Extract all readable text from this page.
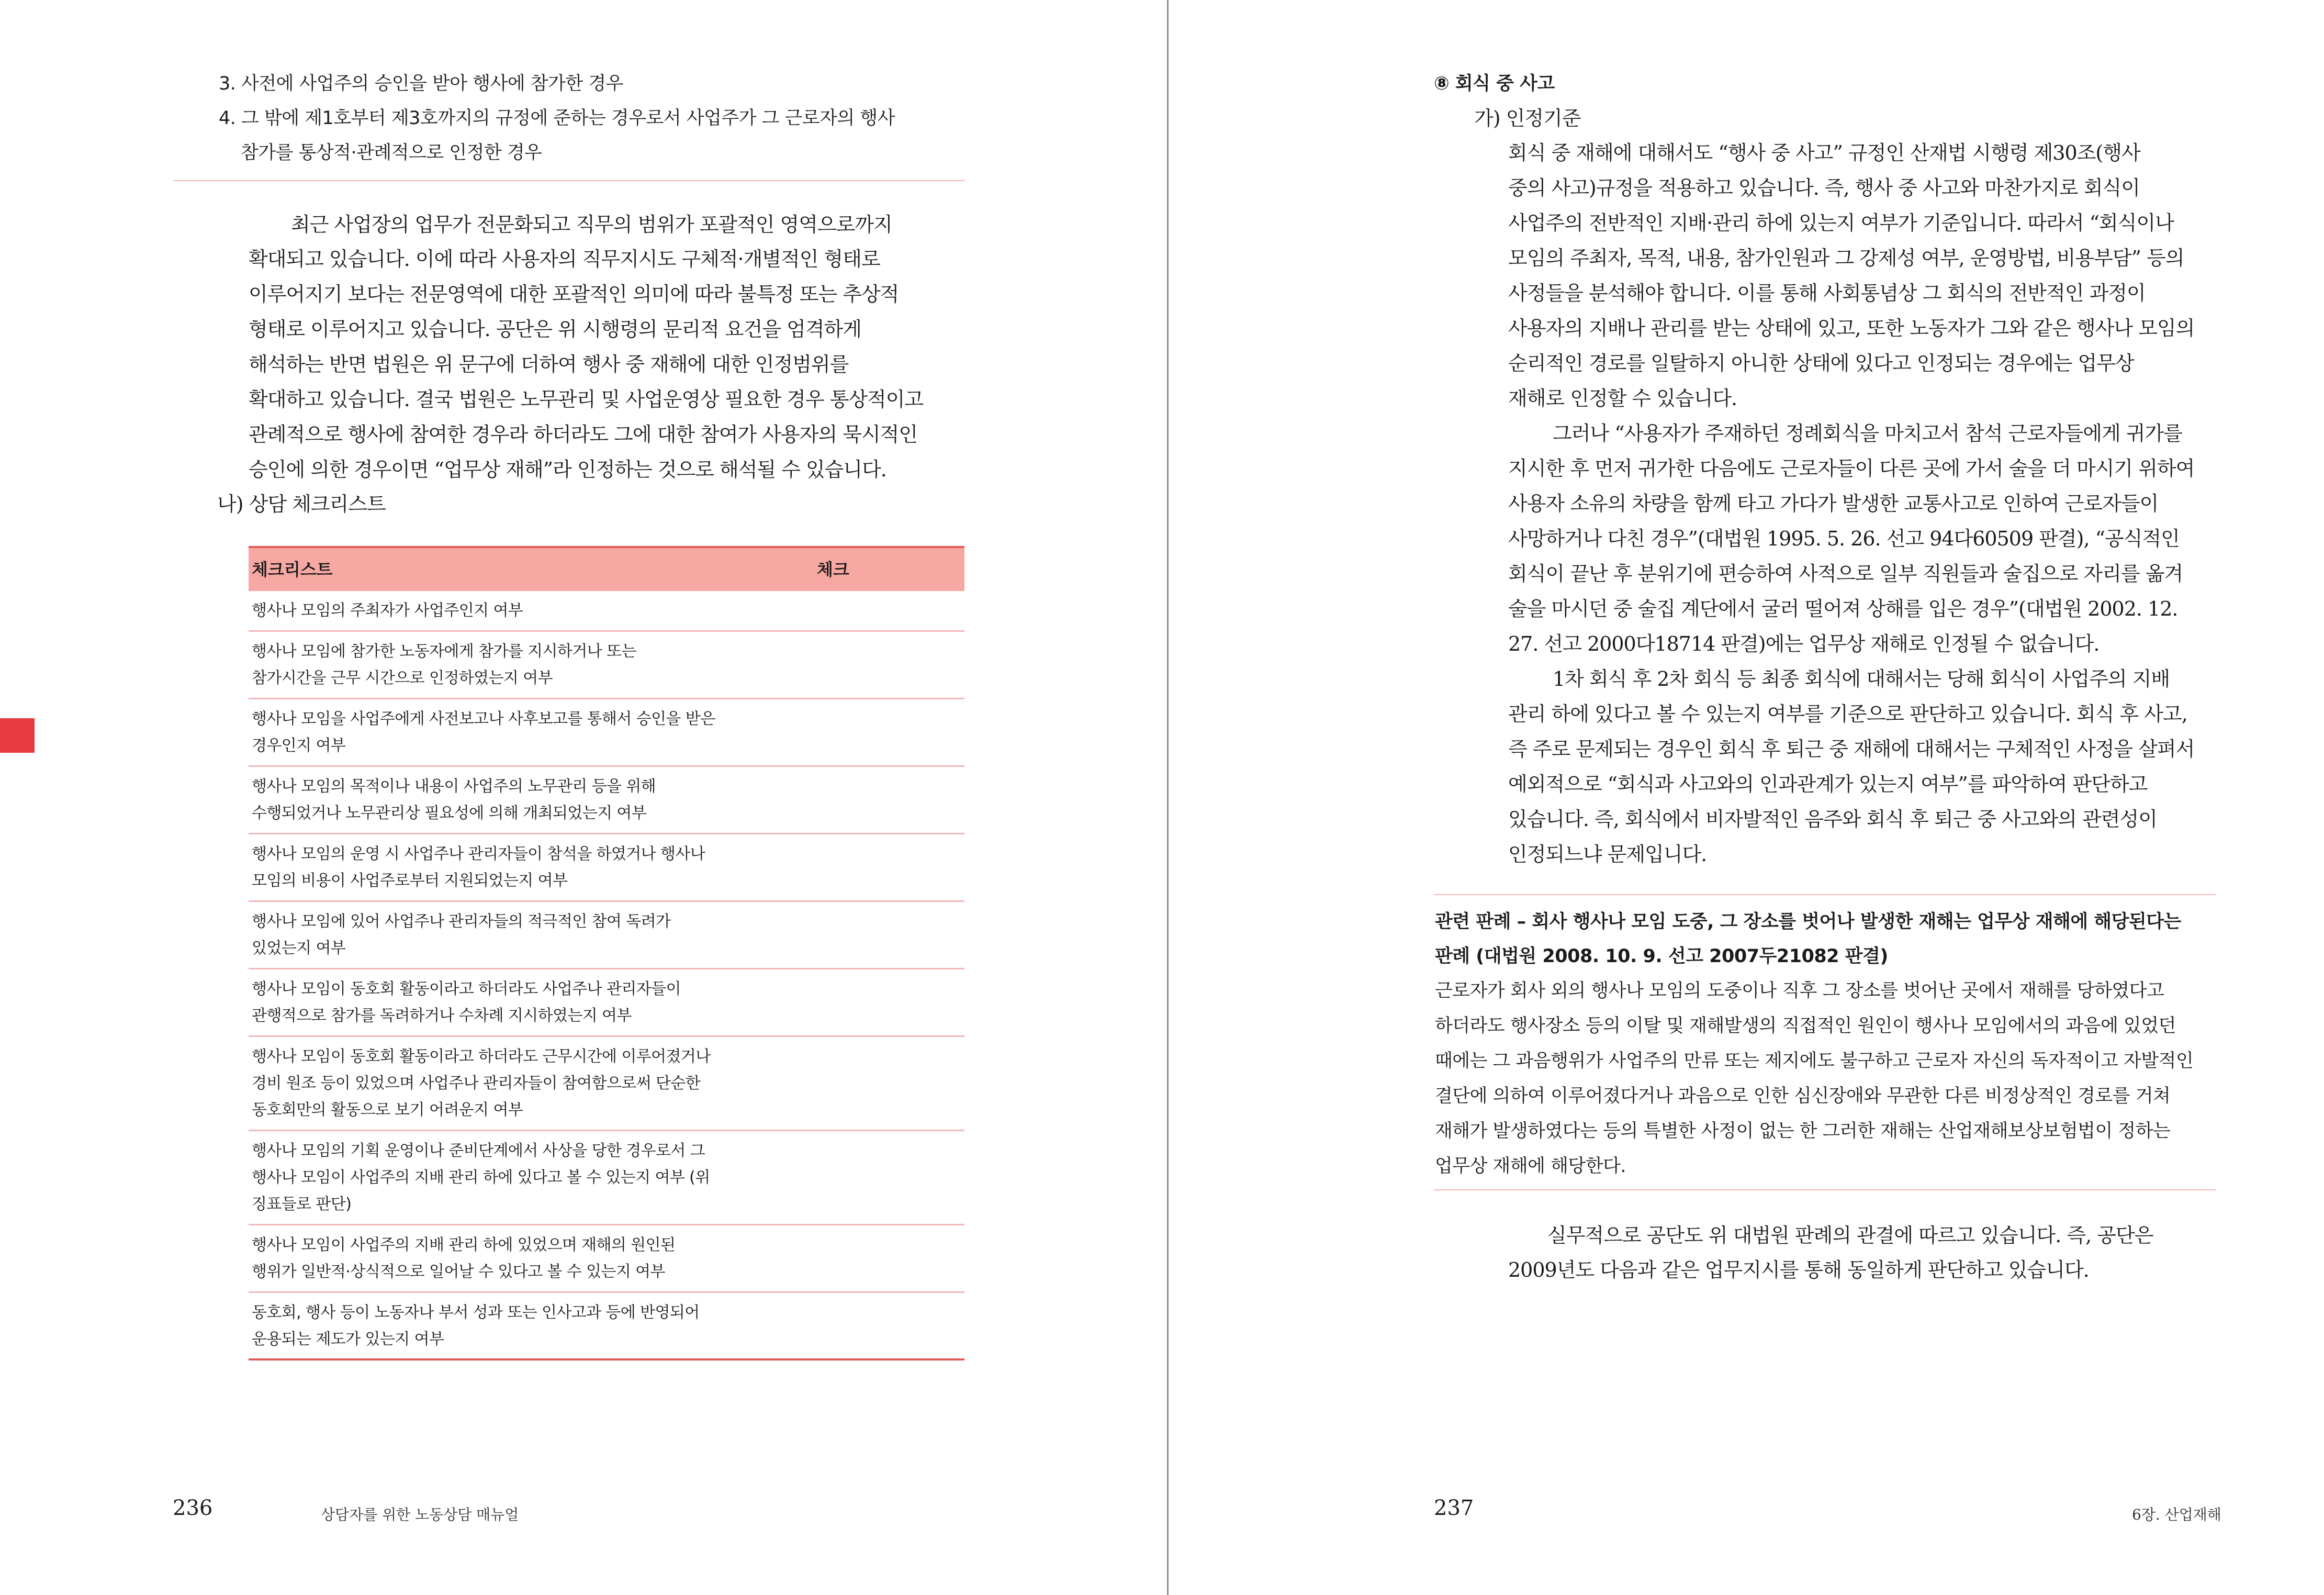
3. 사전에 사업주의 승인을 받아 행사에 참가한 경우
4. 그 밖에 제1호부터 제3호까지의 규정에 준하는 경우로서 사업주가 그 근로자의 행사
참가를 통상적·관례적으로 인정한 경우
최근 사업장의 업무가 전문화되고 직무의 범위가 포괄적인 영역으로까지
확대되고 있습니다. 이에 따라 사용자의 직무지시도 구체적·개별적인 형태로
이루어지기 보다는 전문영역에 대한 포괄적인 의미에 따라 불특정 또는 추상적
형태로 이루어지고 있습니다. 공단은 위 시행령의 문리적 요건을 엄격하게
해석하는 반면 법원은 위 문구에 더하여 행사 중 재해에 대한 인정범위를
확대하고 있습니다. 결국 법원은 노무관리 및 사업운영상 필요한 경우 통상적이고
관례적으로 행사에 참여한 경우라 하더라도 그에 대한 참여가 사용자의 묵시적인
승인에 의한 경우이면 “업무상 재해”라 인정하는 것으로 해석될 수 있습니다.
나) 상담 체크리스트
체크리스트	체크
행사나 모임의 주최자가 사업주인지 여부
행사나 모임에 참가한 노동자에게 참가를 지시하거나 또는
참가시간을 근무 시간으로 인정하였는지 여부
행사나 모임을 사업주에게 사전보고나 사후보고를 통해서 승인을 받은
경우인지 여부
행사나 모임의 목적이나 내용이 사업주의 노무관리 등을 위해
수행되었거나 노무관리상 필요성에 의해 개최되었는지 여부
행사나 모임의 운영 시 사업주나 관리자들이 참석을 하였거나 행사나
모임의 비용이 사업주로부터 지원되었는지 여부
행사나 모임에 있어 사업주나 관리자들의 적극적인 참여 독려가
있었는지 여부
행사나 모임이 동호회 활동이라고 하더라도 사업주나 관리자들이
관행적으로 참가를 독려하거나 수차례 지시하였는지 여부
행사나 모임이 동호회 활동이라고 하더라도 근무시간에 이루어졌거나
경비 원조 등이 있었으며 사업주나 관리자들이 참여함으로써 단순한
동호회만의 활동으로 보기 어려운지 여부
행사나 모임의 기획 운영이나 준비단계에서 사상을 당한 경우로서 그
행사나 모임이 사업주의 지배 관리 하에 있다고 볼 수 있는지 여부 (위
징표들로 판단)
행사나 모임이 사업주의 지배 관리 하에 있었으며 재해의 원인된
행위가 일반적·상식적으로 일어날 수 있다고 볼 수 있는지 여부
동호회, 행사 등이 노동자나 부서 성과 또는 인사고과 등에 반영되어
운용되는 제도가 있는지 여부
236	상담자를 위한 노동상담 매뉴얼
⑧ 회식 중 사고
가) 인정기준
회식 중 재해에 대해서도 “행사 중 사고” 규정인 산재법 시행령 제30조(행사
중의 사고)규정을 적용하고 있습니다. 즉, 행사 중 사고와 마찬가지로 회식이
사업주의 전반적인 지배·관리 하에 있는지 여부가 기준입니다. 따라서 “회식이나
모임의 주최자, 목적, 내용, 참가인원과 그 강제성 여부, 운영방법, 비용부담” 등의
사정들을 분석해야 합니다. 이를 통해 사회통념상 그 회식의 전반적인 과정이
사용자의 지배나 관리를 받는 상태에 있고, 또한 노동자가 그와 같은 행사나 모임의
순리적인 경로를 일탈하지 아니한 상태에 있다고 인정되는 경우에는 업무상
재해로 인정할 수 있습니다.
그러나 “사용자가 주재하던 정례회식을 마치고서 참석 근로자들에게 귀가를
지시한 후 먼저 귀가한 다음에도 근로자들이 다른 곳에 가서 술을 더 마시기 위하여
사용자 소유의 차량을 함께 타고 가다가 발생한 교통사고로 인하여 근로자들이
사망하거나 다친 경우”(대법원 1995. 5. 26. 선고 94다60509 판결), “공식적인
회식이 끝난 후 분위기에 편승하여 사적으로 일부 직원들과 술집으로 자리를 옮겨
술을 마시던 중 술집 계단에서 굴러 떨어져 상해를 입은 경우”(대법원 2002. 12.
27. 선고 2000다18714 판결)에는 업무상 재해로 인정될 수 없습니다.
1차 회식 후 2차 회식 등 최종 회식에 대해서는 당해 회식이 사업주의 지배
관리 하에 있다고 볼 수 있는지 여부를 기준으로 판단하고 있습니다. 회식 후 사고,
즉 주로 문제되는 경우인 회식 후 퇴근 중 재해에 대해서는 구체적인 사정을 살펴서
예외적으로 “회식과 사고와의 인과관계가 있는지 여부”를 파악하여 판단하고
있습니다. 즉, 회식에서 비자발적인 음주와 회식 후 퇴근 중 사고와의 관련성이
인정되느냐 문제입니다.
관련 판례 – 회사 행사나 모임 도중, 그 장소를 벗어나 발생한 재해는 업무상 재해에 해당된다는
판례 (대법원 2008. 10. 9. 선고 2007두21082 판결)
근로자가 회사 외의 행사나 모임의 도중이나 직후 그 장소를 벗어난 곳에서 재해를 당하였다고
하더라도 행사장소 등의 이탈 및 재해발생의 직접적인 원인이 행사나 모임에서의 과음에 있었던
때에는 그 과음행위가 사업주의 만류 또는 제지에도 불구하고 근로자 자신의 독자적이고 자발적인
결단에 의하여 이루어졌다거나 과음으로 인한 심신장애와 무관한 다른 비정상적인 경로를 거쳐
재해가 발생하였다는 등의 특별한 사정이 없는 한 그러한 재해는 산업재해보상보험법이 정하는
업무상 재해에 해당한다.
실무적으로 공단도 위 대법원 판례의 관결에 따르고 있습니다. 즉, 공단은
2009년도 다음과 같은 업무지시를 통해 동일하게 판단하고 있습니다.
237	6장. 산업재해
